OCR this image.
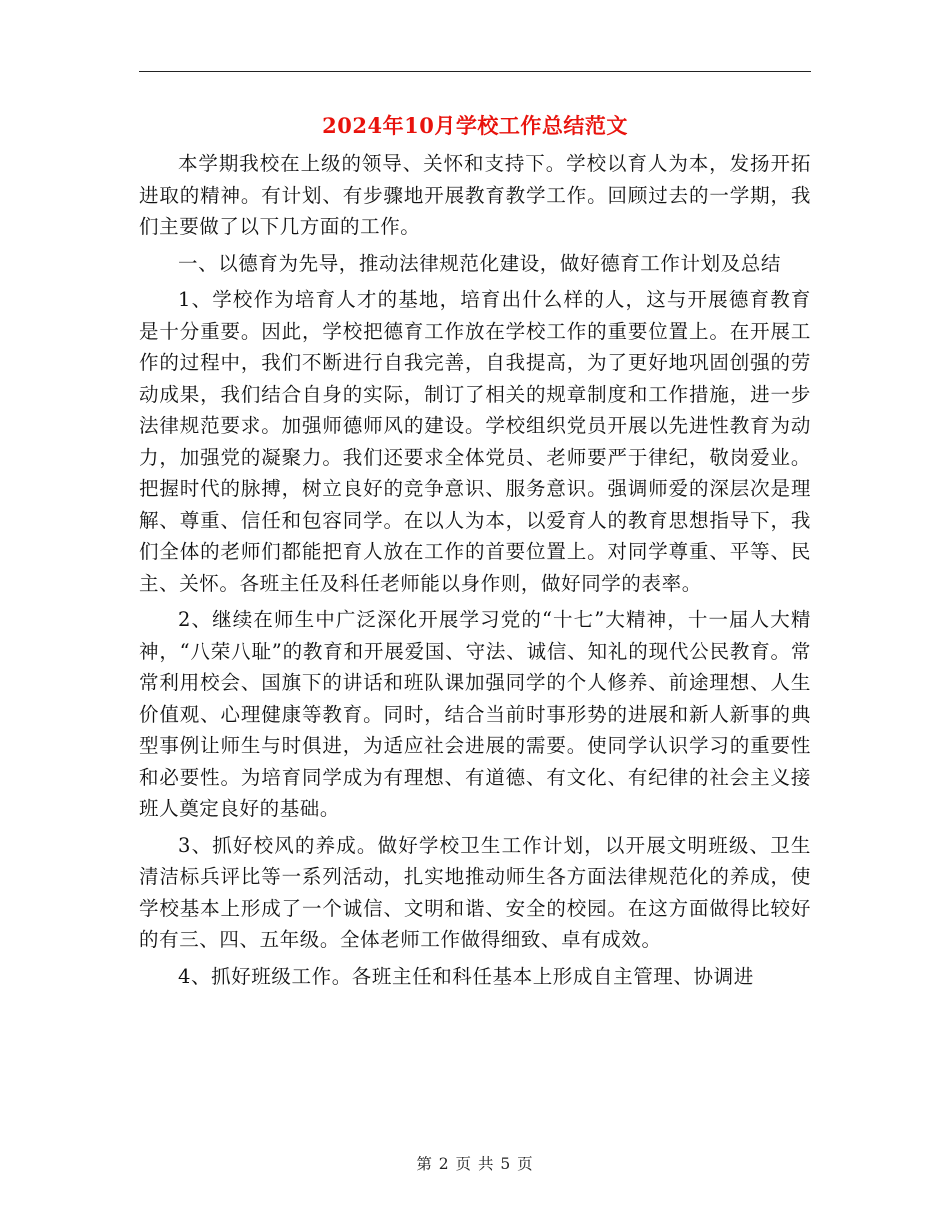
2024年10月学校工作总结范文

本学期我校在上级的领导、关怀和支持下。学校以育人为本，发扬开拓进取的精神。有计划、有步骤地开展教育教学工作。回顾过去的一学期，我们主要做了以下几方面的工作。

一、以德育为先导，推动法律规范化建设，做好德育工作计划及总结

1、学校作为培育人才的基地，培育出什么样的人，这与开展德育教育是十分重要。因此，学校把德育工作放在学校工作的重要位置上。在开展工作的过程中，我们不断进行自我完善，自我提高，为了更好地巩固创强的劳动成果，我们结合自身的实际，制订了相关的规章制度和工作措施，进一步法律规范要求。加强师德师风的建设。学校组织党员开展以先进性教育为动力，加强党的凝聚力。我们还要求全体党员、老师要严于律纪，敬岗爱业。把握时代的脉搏，树立良好的竞争意识、服务意识。强调师爱的深层次是理解、尊重、信任和包容同学。在以人为本，以爱育人的教育思想指导下，我们全体的老师们都能把育人放在工作的首要位置上。对同学尊重、平等、民主、关怀。各班主任及科任老师能以身作则，做好同学的表率。

2、继续在师生中广泛深化开展学习党的“十七”大精神，十一届人大精神，“八荣八耻”的教育和开展爱国、守法、诚信、知礼的现代公民教育。常常利用校会、国旗下的讲话和班队课加强同学的个人修养、前途理想、人生价值观、心理健康等教育。同时，结合当前时事形势的进展和新人新事的典型事例让师生与时俱进，为适应社会进展的需要。使同学认识学习的重要性和必要性。为培育同学成为有理想、有道德、有文化、有纪律的社会主义接班人奠定良好的基础。

3、抓好校风的养成。做好学校卫生工作计划，以开展文明班级、卫生清洁标兵评比等一系列活动，扎实地推动师生各方面法律规范化的养成，使学校基本上形成了一个诚信、文明和谐、安全的校园。在这方面做得比较好的有三、四、五年级。全体老师工作做得细致、卓有成效。

4、抓好班级工作。各班主任和科任基本上形成自主管理、协调进

第 2 页 共 5 页
